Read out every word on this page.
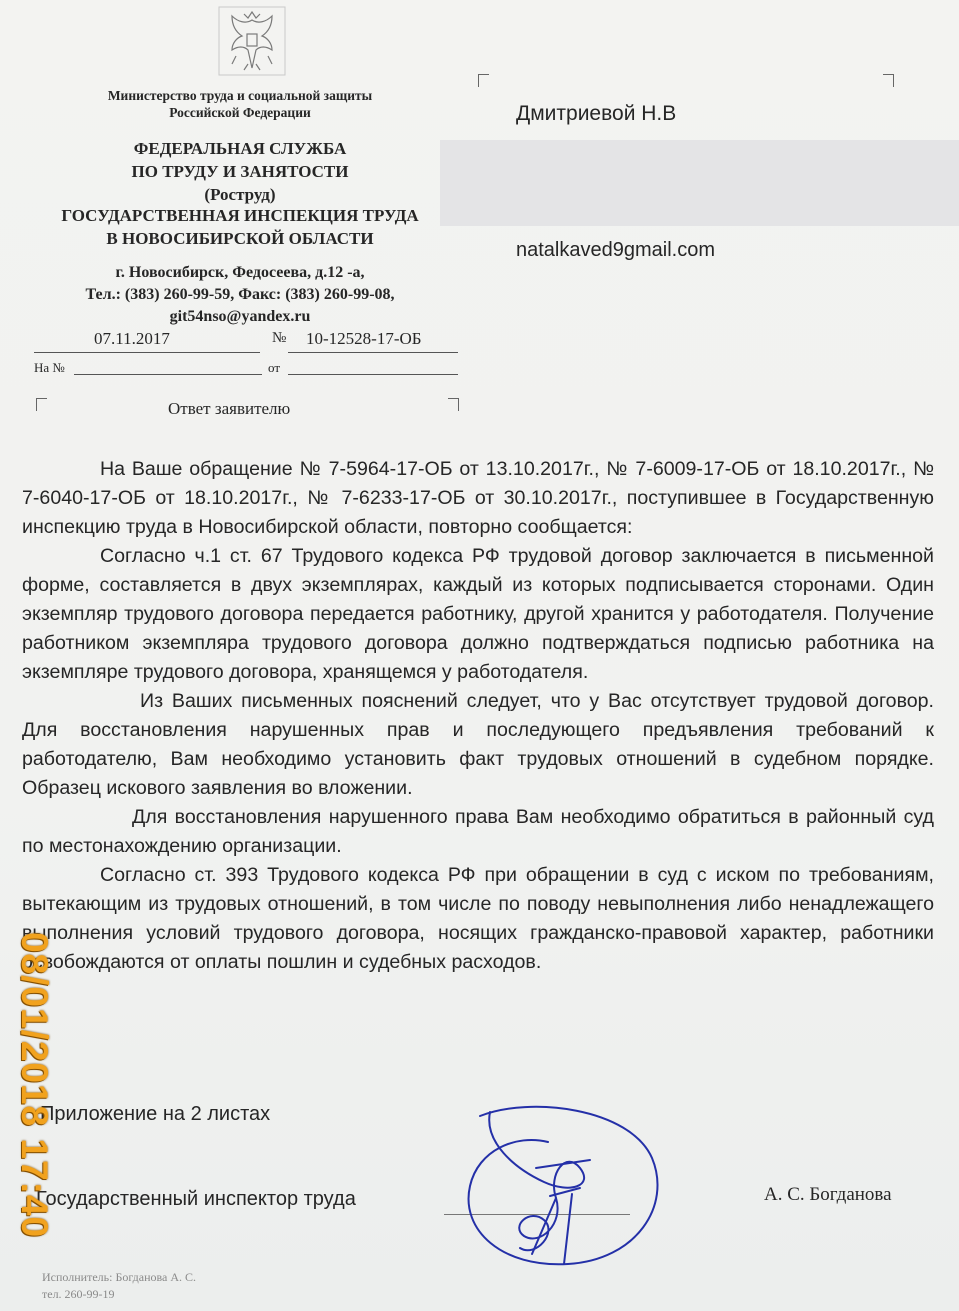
Министерство труда и социальной защиты
Российской Федерации
ФЕДЕРАЛЬНАЯ СЛУЖБА
ПО ТРУДУ И ЗАНЯТОСТИ
(Роструд)
ГОСУДАРСТВЕННАЯ ИНСПЕКЦИЯ ТРУДА
В НОВОСИБИРСКОЙ ОБЛАСТИ
г. Новосибирск, Федосеева, д.12 -а,
Тел.: (383) 260-99-59, Факс: (383) 260-99-08,
git54nso@yandex.ru
07.11.2017	№ 10-12528-17-ОБ
На №	от
Ответ заявителю
Дмитриевой Н.В
natalkaved9gmail.com

На Ваше обращение № 7-5964-17-ОБ от 13.10.2017г., № 7-6009-17-ОБ от 18.10.2017г., № 7-6040-17-ОБ от 18.10.2017г., № 7-6233-17-ОБ от 30.10.2017г., поступившее в Государственную инспекцию труда в Новосибирской области, повторно сообщается:

Согласно ч.1 ст. 67 Трудового кодекса РФ трудовой договор заключается в письменной форме, составляется в двух экземплярах, каждый из которых подписывается сторонами. Один экземпляр трудового договора передается работнику, другой хранится у работодателя. Получение работником экземпляра трудового договора должно подтверждаться подписью работника на экземпляре трудового договора, хранящемся у работодателя.

Из Ваших письменных пояснений следует, что у Вас отсутствует трудовой договор. Для восстановления нарушенных прав и последующего предъявления требований к работодателю, Вам необходимо установить факт трудовых отношений в судебном порядке. Образец искового заявления во вложении.

Для восстановления нарушенного права Вам необходимо обратиться в районный суд по местонахождению организации.

Согласно ст. 393 Трудового кодекса РФ при обращении в суд с иском по требованиям, вытекающим из трудовых отношений, в том числе по поводу невыполнения либо ненадлежащего выполнения условий трудового договора, носящих гражданско-правовой характер, работники освобождаются от оплаты пошлин и судебных расходов.

Приложение на 2 листах
Государственный инспектор труда	А. С. Богданова
Исполнитель: Богданова А. С.
тел. 260-99-19
08/01/2018 17:40
